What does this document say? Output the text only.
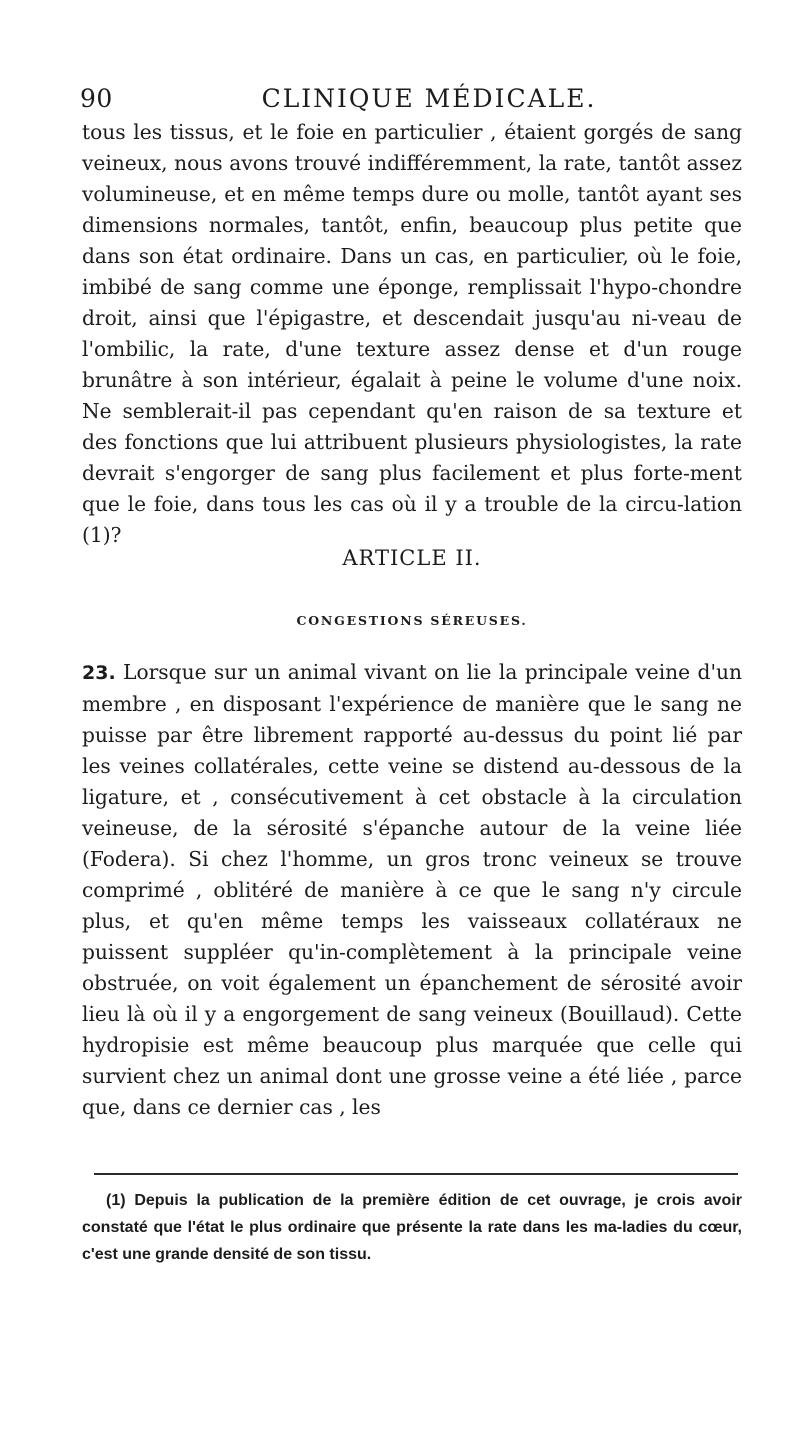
90	CLINIQUE MÉDICALE.

tous les tissus, et le foie en particulier , étaient gorgés de sang veineux, nous avons trouvé indifféremment, la rate, tantôt assez volumineuse, et en même temps dure ou molle, tantôt ayant ses dimensions normales, tantôt, enfin, beaucoup plus petite que dans son état ordinaire. Dans un cas, en particulier, où le foie, imbibé de sang comme une éponge, remplissait l'hypo-chondre droit, ainsi que l'épigastre, et descendait jusqu'au ni-veau de l'ombilic, la rate, d'une texture assez dense et d'un rouge brunâtre à son intérieur, égalait à peine le volume d'une noix. Ne semblerait-il pas cependant qu'en raison de sa texture et des fonctions que lui attribuent plusieurs physiologistes, la rate devrait s'engorger de sang plus facilement et plus forte-ment que le foie, dans tous les cas où il y a trouble de la circu-lation (1)?

ARTICLE II.
CONGESTIONS SÉREUSES.

23. Lorsque sur un animal vivant on lie la principale veine d'un membre , en disposant l'expérience de manière que le sang ne puisse par être librement rapporté au-dessus du point lié par les veines collatérales, cette veine se distend au-dessous de la ligature, et , consécutivement à cet obstacle à la circulation veineuse, de la sérosité s'épanche autour de la veine liée (Fodera). Si chez l'homme, un gros tronc veineux se trouve comprimé , oblitéré de manière à ce que le sang n'y circule plus, et qu'en même temps les vaisseaux collatéraux ne puissent suppléer qu'in-complètement à la principale veine obstruée, on voit également un épanchement de sérosité avoir lieu là où il y a engorgement de sang veineux (Bouillaud). Cette hydropisie est même beaucoup plus marquée que celle qui survient chez un animal dont une grosse veine a été liée , parce que, dans ce dernier cas , les

(1) Depuis la publication de la première édition de cet ouvrage, je crois avoir constaté que l'état le plus ordinaire que présente la rate dans les ma-ladies du cœur, c'est une grande densité de son tissu.
